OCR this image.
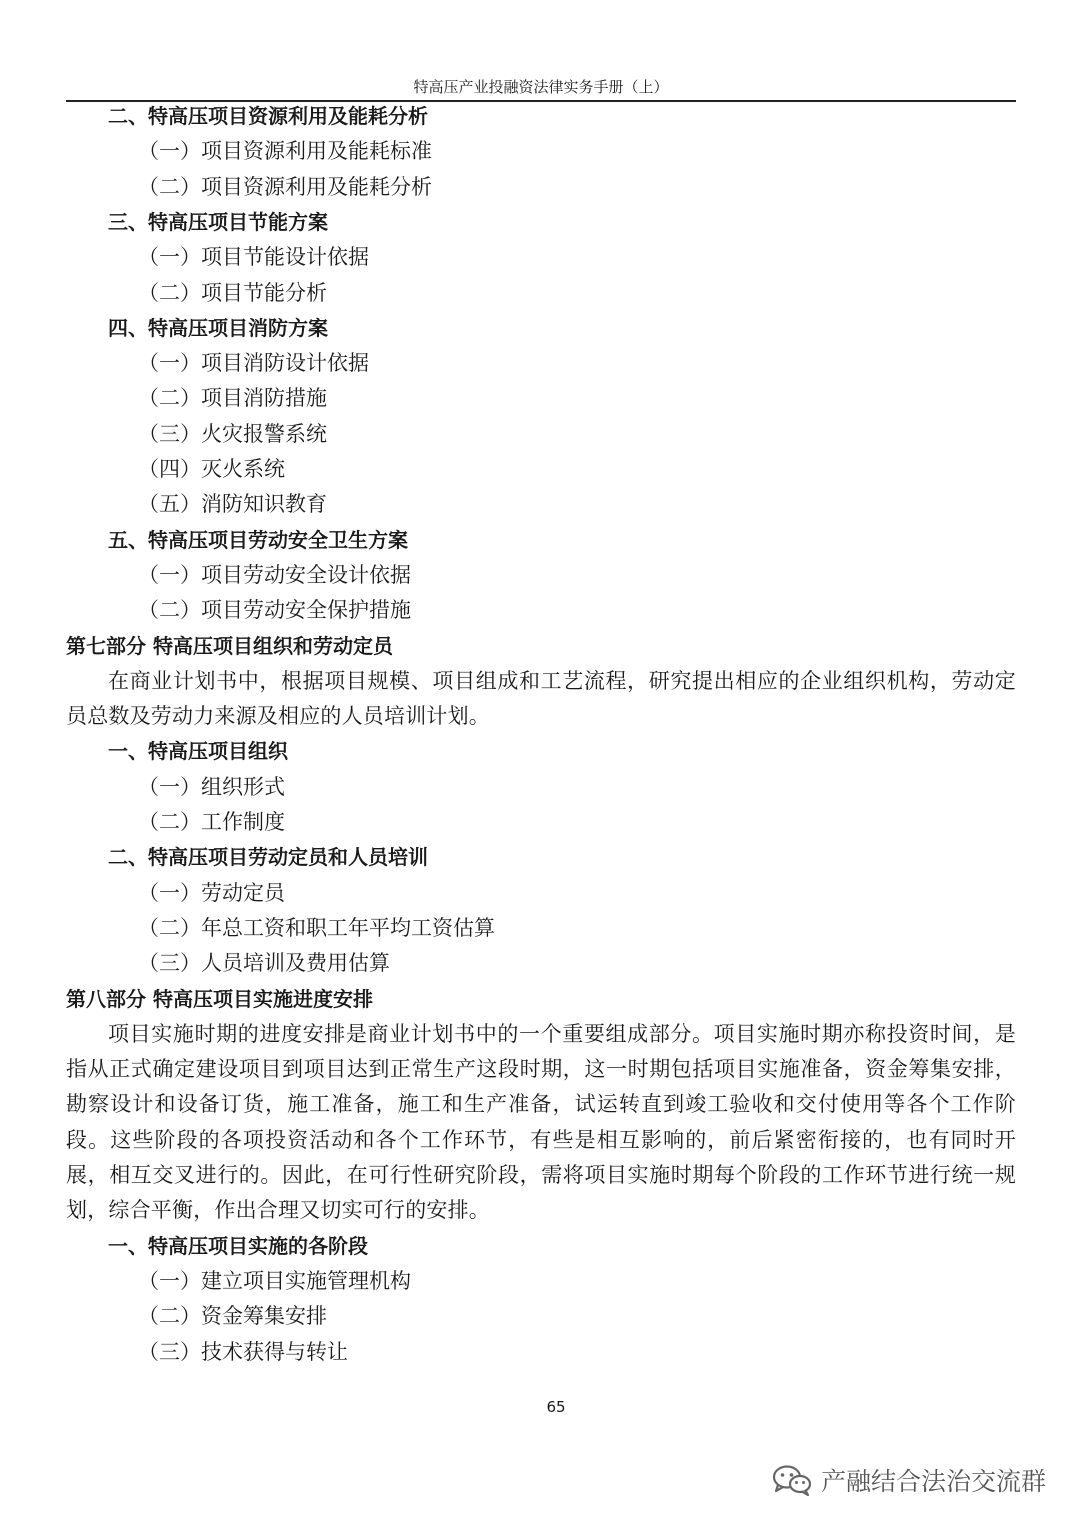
特高压产业投融资法律实务手册（上）
二、特高压项目资源利用及能耗分析
（一）项目资源利用及能耗标准
（二）项目资源利用及能耗分析
三、特高压项目节能方案
（一）项目节能设计依据
（二）项目节能分析
四、特高压项目消防方案
（一）项目消防设计依据
（二）项目消防措施
（三）火灾报警系统
（四）灭火系统
（五）消防知识教育
五、特高压项目劳动安全卫生方案
（一）项目劳动安全设计依据
（二）项目劳动安全保护措施
第七部分 特高压项目组织和劳动定员
在商业计划书中，根据项目规模、项目组成和工艺流程，研究提出相应的企业组织机构，劳动定员总数及劳动力来源及相应的人员培训计划。
一、特高压项目组织
（一）组织形式
（二）工作制度
二、特高压项目劳动定员和人员培训
（一）劳动定员
（二）年总工资和职工年平均工资估算
（三）人员培训及费用估算
第八部分 特高压项目实施进度安排
项目实施时期的进度安排是商业计划书中的一个重要组成部分。项目实施时期亦称投资时间，是指从正式确定建设项目到项目达到正常生产这段时期，这一时期包括项目实施准备，资金筹集安排，勘察设计和设备订货，施工准备，施工和生产准备，试运转直到竣工验收和交付使用等各个工作阶段。这些阶段的各项投资活动和各个工作环节，有些是相互影响的，前后紧密衔接的，也有同时开展，相互交叉进行的。因此，在可行性研究阶段，需将项目实施时期每个阶段的工作环节进行统一规划，综合平衡，作出合理又切实可行的安排。
一、特高压项目实施的各阶段
（一）建立项目实施管理机构
（二）资金筹集安排
（三）技术获得与转让
65
产融结合法治交流群
